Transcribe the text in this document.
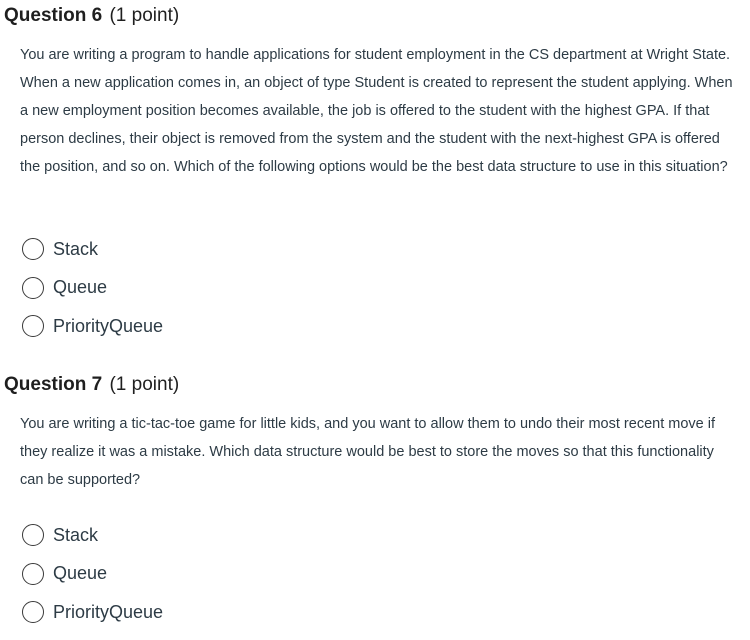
Question 6 (1 point)
You are writing a program to handle applications for student employment in the CS department at Wright State. When a new application comes in, an object of type Student is created to represent the student applying. When a new employment position becomes available, the job is offered to the student with the highest GPA. If that person declines, their object is removed from the system and the student with the next-highest GPA is offered the position, and so on. Which of the following options would be the best data structure to use in this situation?
Stack
Queue
PriorityQueue
Question 7 (1 point)
You are writing a tic-tac-toe game for little kids, and you want to allow them to undo their most recent move if they realize it was a mistake. Which data structure would be best to store the moves so that this functionality can be supported?
Stack
Queue
PriorityQueue
